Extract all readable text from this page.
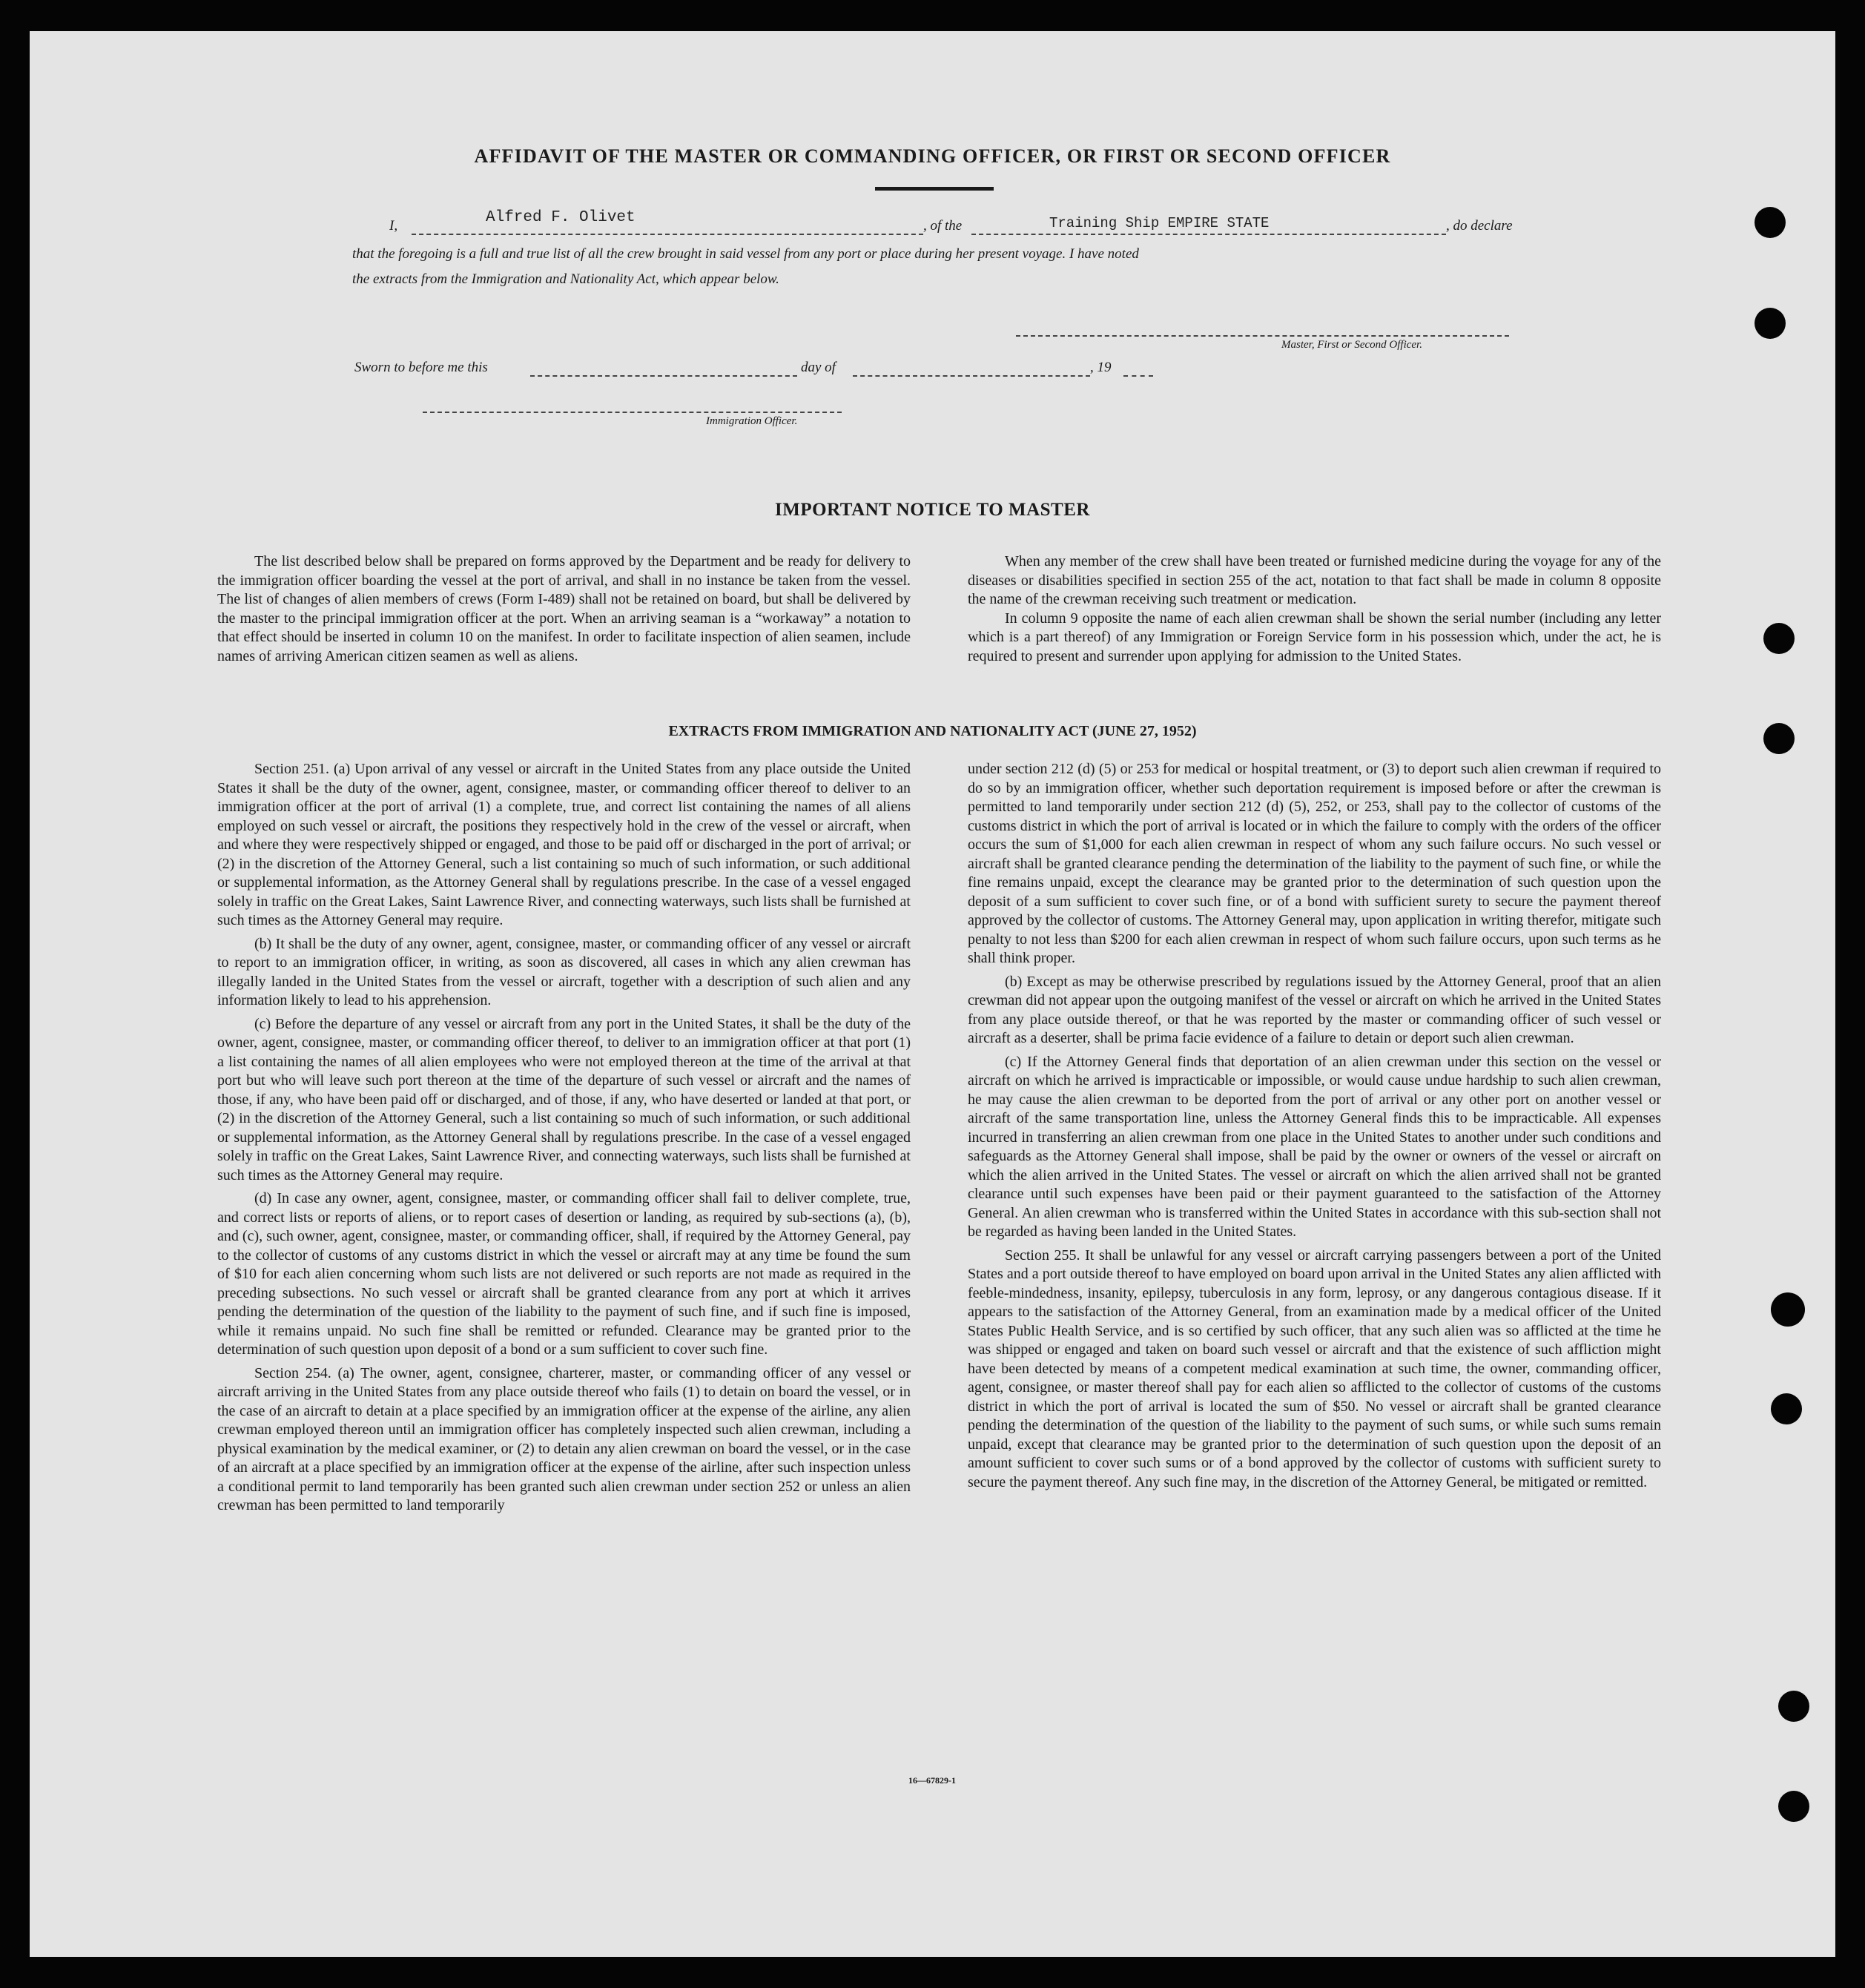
AFFIDAVIT OF THE MASTER OR COMMANDING OFFICER, OR FIRST OR SECOND OFFICER
I,	Alfred F. Olivet	, of the	Training Ship EMPIRE STATE	, do declare
that the foregoing is a full and true list of all the crew brought in said vessel from any port or place during her present voyage. I have noted
the extracts from the Immigration and Nationality Act, which appear below.
Master, First or Second Officer.
Sworn to before me this	day of	, 19
Immigration Officer.
IMPORTANT NOTICE TO MASTER

The list described below shall be prepared on forms approved by the Department and be ready for delivery to the immigration officer boarding the vessel at the port of arrival, and shall in no instance be taken from the vessel. The list of changes of alien members of crews (Form I-489) shall not be retained on board, but shall be delivered by the master to the principal immigration officer at the port. When an arriving seaman is a “workaway” a notation to that effect should be inserted in column 10 on the manifest. In order to facilitate inspection of alien seamen, include names of arriving American citizen seamen as well as aliens.

When any member of the crew shall have been treated or furnished medicine during the voyage for any of the diseases or disabilities specified in section 255 of the act, notation to that fact shall be made in column 8 opposite the name of the crewman receiving such treatment or medication.

In column 9 opposite the name of each alien crewman shall be shown the serial number (including any letter which is a part thereof) of any Immigration or Foreign Service form in his possession which, under the act, he is required to present and surrender upon applying for admission to the United States.

EXTRACTS FROM IMMIGRATION AND NATIONALITY ACT (JUNE 27, 1952)

Section 251. (a) Upon arrival of any vessel or aircraft in the United States from any place outside the United States it shall be the duty of the owner, agent, consignee, master, or commanding officer thereof to deliver to an immigration officer at the port of arrival (1) a complete, true, and correct list containing the names of all aliens employed on such vessel or aircraft, the positions they respectively hold in the crew of the vessel or aircraft, when and where they were respectively shipped or engaged, and those to be paid off or discharged in the port of arrival; or (2) in the discretion of the Attorney General, such a list containing so much of such information, or such additional or supplemental information, as the Attorney General shall by regulations prescribe. In the case of a vessel engaged solely in traffic on the Great Lakes, Saint Lawrence River, and connecting waterways, such lists shall be furnished at such times as the Attorney General may require.

(b) It shall be the duty of any owner, agent, consignee, master, or commanding officer of any vessel or aircraft to report to an immigration officer, in writing, as soon as discovered, all cases in which any alien crewman has illegally landed in the United States from the vessel or aircraft, together with a description of such alien and any information likely to lead to his apprehension.

(c) Before the departure of any vessel or aircraft from any port in the United States, it shall be the duty of the owner, agent, consignee, master, or commanding officer thereof, to deliver to an immigration officer at that port (1) a list containing the names of all alien employees who were not employed thereon at the time of the arrival at that port but who will leave such port thereon at the time of the departure of such vessel or aircraft and the names of those, if any, who have been paid off or discharged, and of those, if any, who have deserted or landed at that port, or (2) in the discretion of the Attorney General, such a list containing so much of such information, or such additional or supplemental information, as the Attorney General shall by regulations prescribe. In the case of a vessel engaged solely in traffic on the Great Lakes, Saint Lawrence River, and connecting waterways, such lists shall be furnished at such times as the Attorney General may require.

(d) In case any owner, agent, consignee, master, or commanding officer shall fail to deliver complete, true, and correct lists or reports of aliens, or to report cases of desertion or landing, as required by sub-sections (a), (b), and (c), such owner, agent, consignee, master, or commanding officer, shall, if required by the Attorney General, pay to the collector of customs of any customs district in which the vessel or aircraft may at any time be found the sum of $10 for each alien concerning whom such lists are not delivered or such reports are not made as required in the preceding subsections. No such vessel or aircraft shall be granted clearance from any port at which it arrives pending the determination of the question of the liability to the payment of such fine, and if such fine is imposed, while it remains unpaid. No such fine shall be remitted or refunded. Clearance may be granted prior to the determination of such question upon deposit of a bond or a sum sufficient to cover such fine.

Section 254. (a) The owner, agent, consignee, charterer, master, or commanding officer of any vessel or aircraft arriving in the United States from any place outside thereof who fails (1) to detain on board the vessel, or in the case of an aircraft to detain at a place specified by an immigration officer at the expense of the airline, any alien crewman employed thereon until an immigration officer has completely inspected such alien crewman, including a physical examination by the medical examiner, or (2) to detain any alien crewman on board the vessel, or in the case of an aircraft at a place specified by an immigration officer at the expense of the airline, after such inspection unless a conditional permit to land temporarily has been granted such alien crewman under section 252 or unless an alien crewman has been permitted to land temporarily

under section 212 (d) (5) or 253 for medical or hospital treatment, or (3) to deport such alien crewman if required to do so by an immigration officer, whether such deportation requirement is imposed before or after the crewman is permitted to land temporarily under section 212 (d) (5), 252, or 253, shall pay to the collector of customs of the customs district in which the port of arrival is located or in which the failure to comply with the orders of the officer occurs the sum of $1,000 for each alien crewman in respect of whom any such failure occurs. No such vessel or aircraft shall be granted clearance pending the determination of the liability to the payment of such fine, or while the fine remains unpaid, except the clearance may be granted prior to the determination of such question upon the deposit of a sum sufficient to cover such fine, or of a bond with sufficient surety to secure the payment thereof approved by the collector of customs. The Attorney General may, upon application in writing therefor, mitigate such penalty to not less than $200 for each alien crewman in respect of whom such failure occurs, upon such terms as he shall think proper.

(b) Except as may be otherwise prescribed by regulations issued by the Attorney General, proof that an alien crewman did not appear upon the outgoing manifest of the vessel or aircraft on which he arrived in the United States from any place outside thereof, or that he was reported by the master or commanding officer of such vessel or aircraft as a deserter, shall be prima facie evidence of a failure to detain or deport such alien crewman.

(c) If the Attorney General finds that deportation of an alien crewman under this section on the vessel or aircraft on which he arrived is impracticable or impossible, or would cause undue hardship to such alien crewman, he may cause the alien crewman to be deported from the port of arrival or any other port on another vessel or aircraft of the same transportation line, unless the Attorney General finds this to be impracticable. All expenses incurred in transferring an alien crewman from one place in the United States to another under such conditions and safeguards as the Attorney General shall impose, shall be paid by the owner or owners of the vessel or aircraft on which the alien arrived in the United States. The vessel or aircraft on which the alien arrived shall not be granted clearance until such expenses have been paid or their payment guaranteed to the satisfaction of the Attorney General. An alien crewman who is transferred within the United States in accordance with this sub-section shall not be regarded as having been landed in the United States.

Section 255. It shall be unlawful for any vessel or aircraft carrying passengers between a port of the United States and a port outside thereof to have employed on board upon arrival in the United States any alien afflicted with feeble-mindedness, insanity, epilepsy, tuberculosis in any form, leprosy, or any dangerous contagious disease. If it appears to the satisfaction of the Attorney General, from an examination made by a medical officer of the United States Public Health Service, and is so certified by such officer, that any such alien was so afflicted at the time he was shipped or engaged and taken on board such vessel or aircraft and that the existence of such affliction might have been detected by means of a competent medical examination at such time, the owner, commanding officer, agent, consignee, or master thereof shall pay for each alien so afflicted to the collector of customs of the customs district in which the port of arrival is located the sum of $50. No vessel or aircraft shall be granted clearance pending the determination of the question of the liability to the payment of such sums, or while such sums remain unpaid, except that clearance may be granted prior to the determination of such question upon the deposit of an amount sufficient to cover such sums or of a bond approved by the collector of customs with sufficient surety to secure the payment thereof. Any such fine may, in the discretion of the Attorney General, be mitigated or remitted.

16—67829-1
